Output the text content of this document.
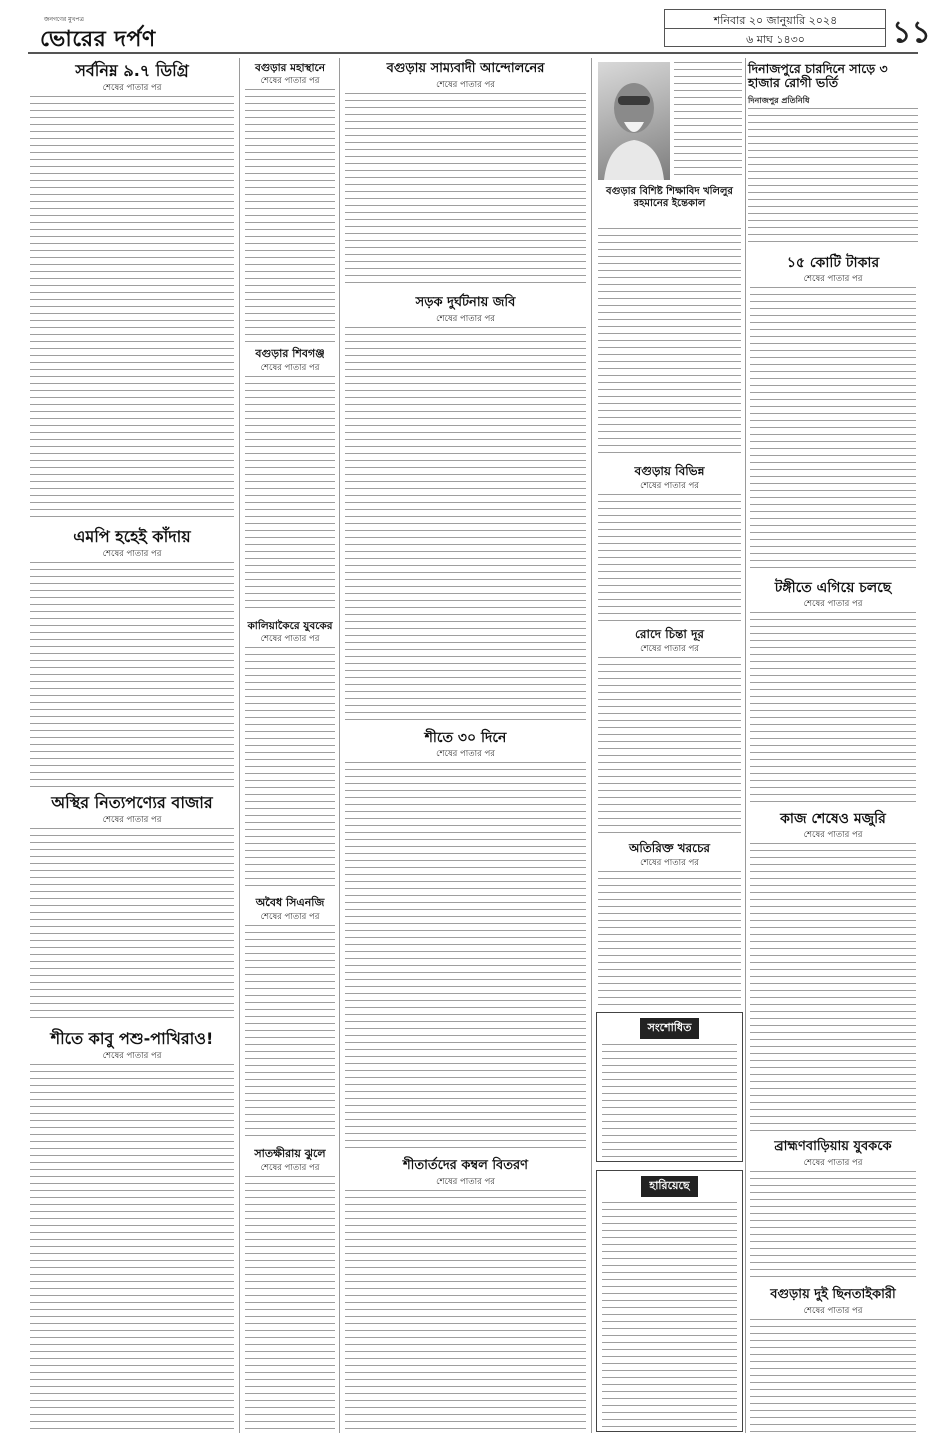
জনগণের মুখপত্র
ভোরের দর্পণ
শনিবার ২০ জানুয়ারি ২০২৪
৬ মাঘ ১৪৩০	১১
সর্বনিম্ন ৯.৭ ডিগ্রি
শেষের পাতার পর
এমপি হহেই কাঁদায়
শেষের পাতার পর
অস্থির নিত্যপণ্যের বাজার
শেষের পাতার পর
শীতে কাবু পশু-পাখিরাও!
শেষের পাতার পর
বগুড়ার মহাস্থানে
শেষের পাতার পর
বগুড়ার শিবগঞ্জ
শেষের পাতার পর
কালিয়াকৈরে যুবকের
শেষের পাতার পর
অবৈধ সিএনজি
শেষের পাতার পর
সাতক্ষীরায় ঝুলে
শেষের পাতার পর
বগুড়ায় সাম্যবাদী আন্দোলনের
শেষের পাতার পর
সড়ক দুর্ঘটনায় জবি
শেষের পাতার পর
শীতে ৩০ দিনে
শেষের পাতার পর
শীতার্তদের কম্বল বিতরণ
শেষের পাতার পর
বগুড়ার বিশিষ্ট শিক্ষাবিদ খলিলুর রহমানের ইন্তেকাল
বগুড়ায় বিভিন্ন
শেষের পাতার পর
রোদে চিন্তা দূর
শেষের পাতার পর
অতিরিক্ত খরচের
শেষের পাতার পর
সংশোধিত
হারিয়েছে
দিনাজপুরে চারদিনে সাড়ে ৩ হাজার রোগী ভর্তি
দিনাজপুর প্রতিনিধি
১৫ কোটি টাকার
শেষের পাতার পর
টঙ্গীতে এগিয়ে চলছে
শেষের পাতার পর
কাজ শেষেও মজুরি
শেষের পাতার পর
ব্রাহ্মণবাড়িয়ায় যুবককে
শেষের পাতার পর
বগুড়ায় দুই ছিনতাইকারী
শেষের পাতার পর
